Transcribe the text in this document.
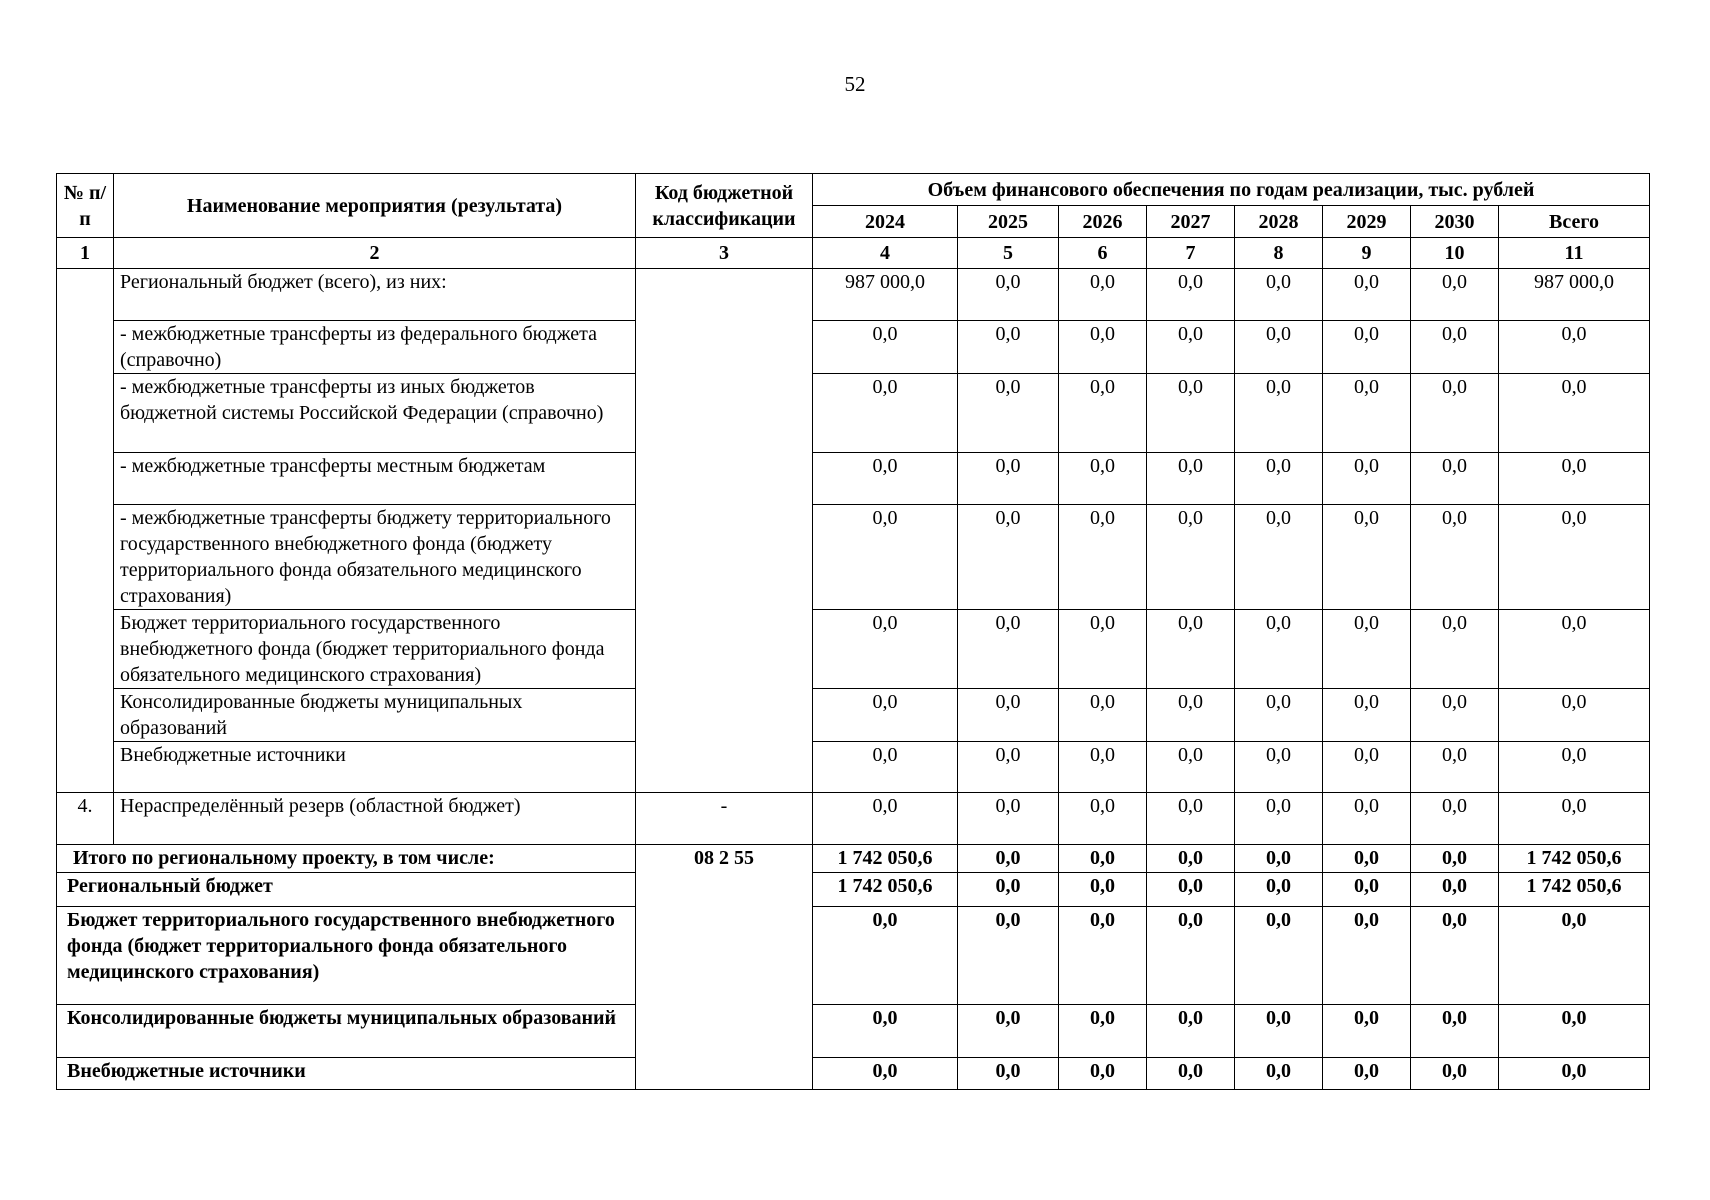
52
№ п/п	Наименование мероприятия (результата)	Код бюджетной классификации	Объем финансового обеспечения по годам реализации, тыс. рублей							
			2024	2025	2026	2027	2028	2029	2030	Всего
1	2	3	4	5	6	7	8	9	10	11
	Региональный бюджет (всего), из них:		987 000,0	0,0	0,0	0,0	0,0	0,0	0,0	987 000,0
	- межбюджетные трансферты из федерального бюджета (справочно)		0,0	0,0	0,0	0,0	0,0	0,0	0,0	0,0
	- межбюджетные трансферты из иных бюджетов бюджетной системы Российской Федерации (справочно)		0,0	0,0	0,0	0,0	0,0	0,0	0,0	0,0
	- межбюджетные трансферты местным бюджетам		0,0	0,0	0,0	0,0	0,0	0,0	0,0	0,0
	- межбюджетные трансферты бюджету территориального государственного внебюджетного фонда (бюджету территориального фонда обязательного медицинского страхования)		0,0	0,0	0,0	0,0	0,0	0,0	0,0	0,0
	Бюджет территориального государственного внебюджетного фонда (бюджет территориального фонда обязательного медицинского страхования)		0,0	0,0	0,0	0,0	0,0	0,0	0,0	0,0
	Консолидированные бюджеты муниципальных образований		0,0	0,0	0,0	0,0	0,0	0,0	0,0	0,0
	Внебюджетные источники		0,0	0,0	0,0	0,0	0,0	0,0	0,0	0,0
4.	Нераспределённый резерв (областной бюджет)	-	0,0	0,0	0,0	0,0	0,0	0,0	0,0	0,0
Итого по региональному проекту, в том числе:		08 2 55	1 742 050,6	0,0	0,0	0,0	0,0	0,0	0,0	1 742 050,6
Региональный бюджет			1 742 050,6	0,0	0,0	0,0	0,0	0,0	0,0	1 742 050,6
Бюджет территориального государственного внебюджетного фонда (бюджет территориального фонда обязательного медицинского страхования)			0,0	0,0	0,0	0,0	0,0	0,0	0,0	0,0
Консолидированные бюджеты муниципальных образований			0,0	0,0	0,0	0,0	0,0	0,0	0,0	0,0
Внебюджетные источники			0,0	0,0	0,0	0,0	0,0	0,0	0,0	0,0
